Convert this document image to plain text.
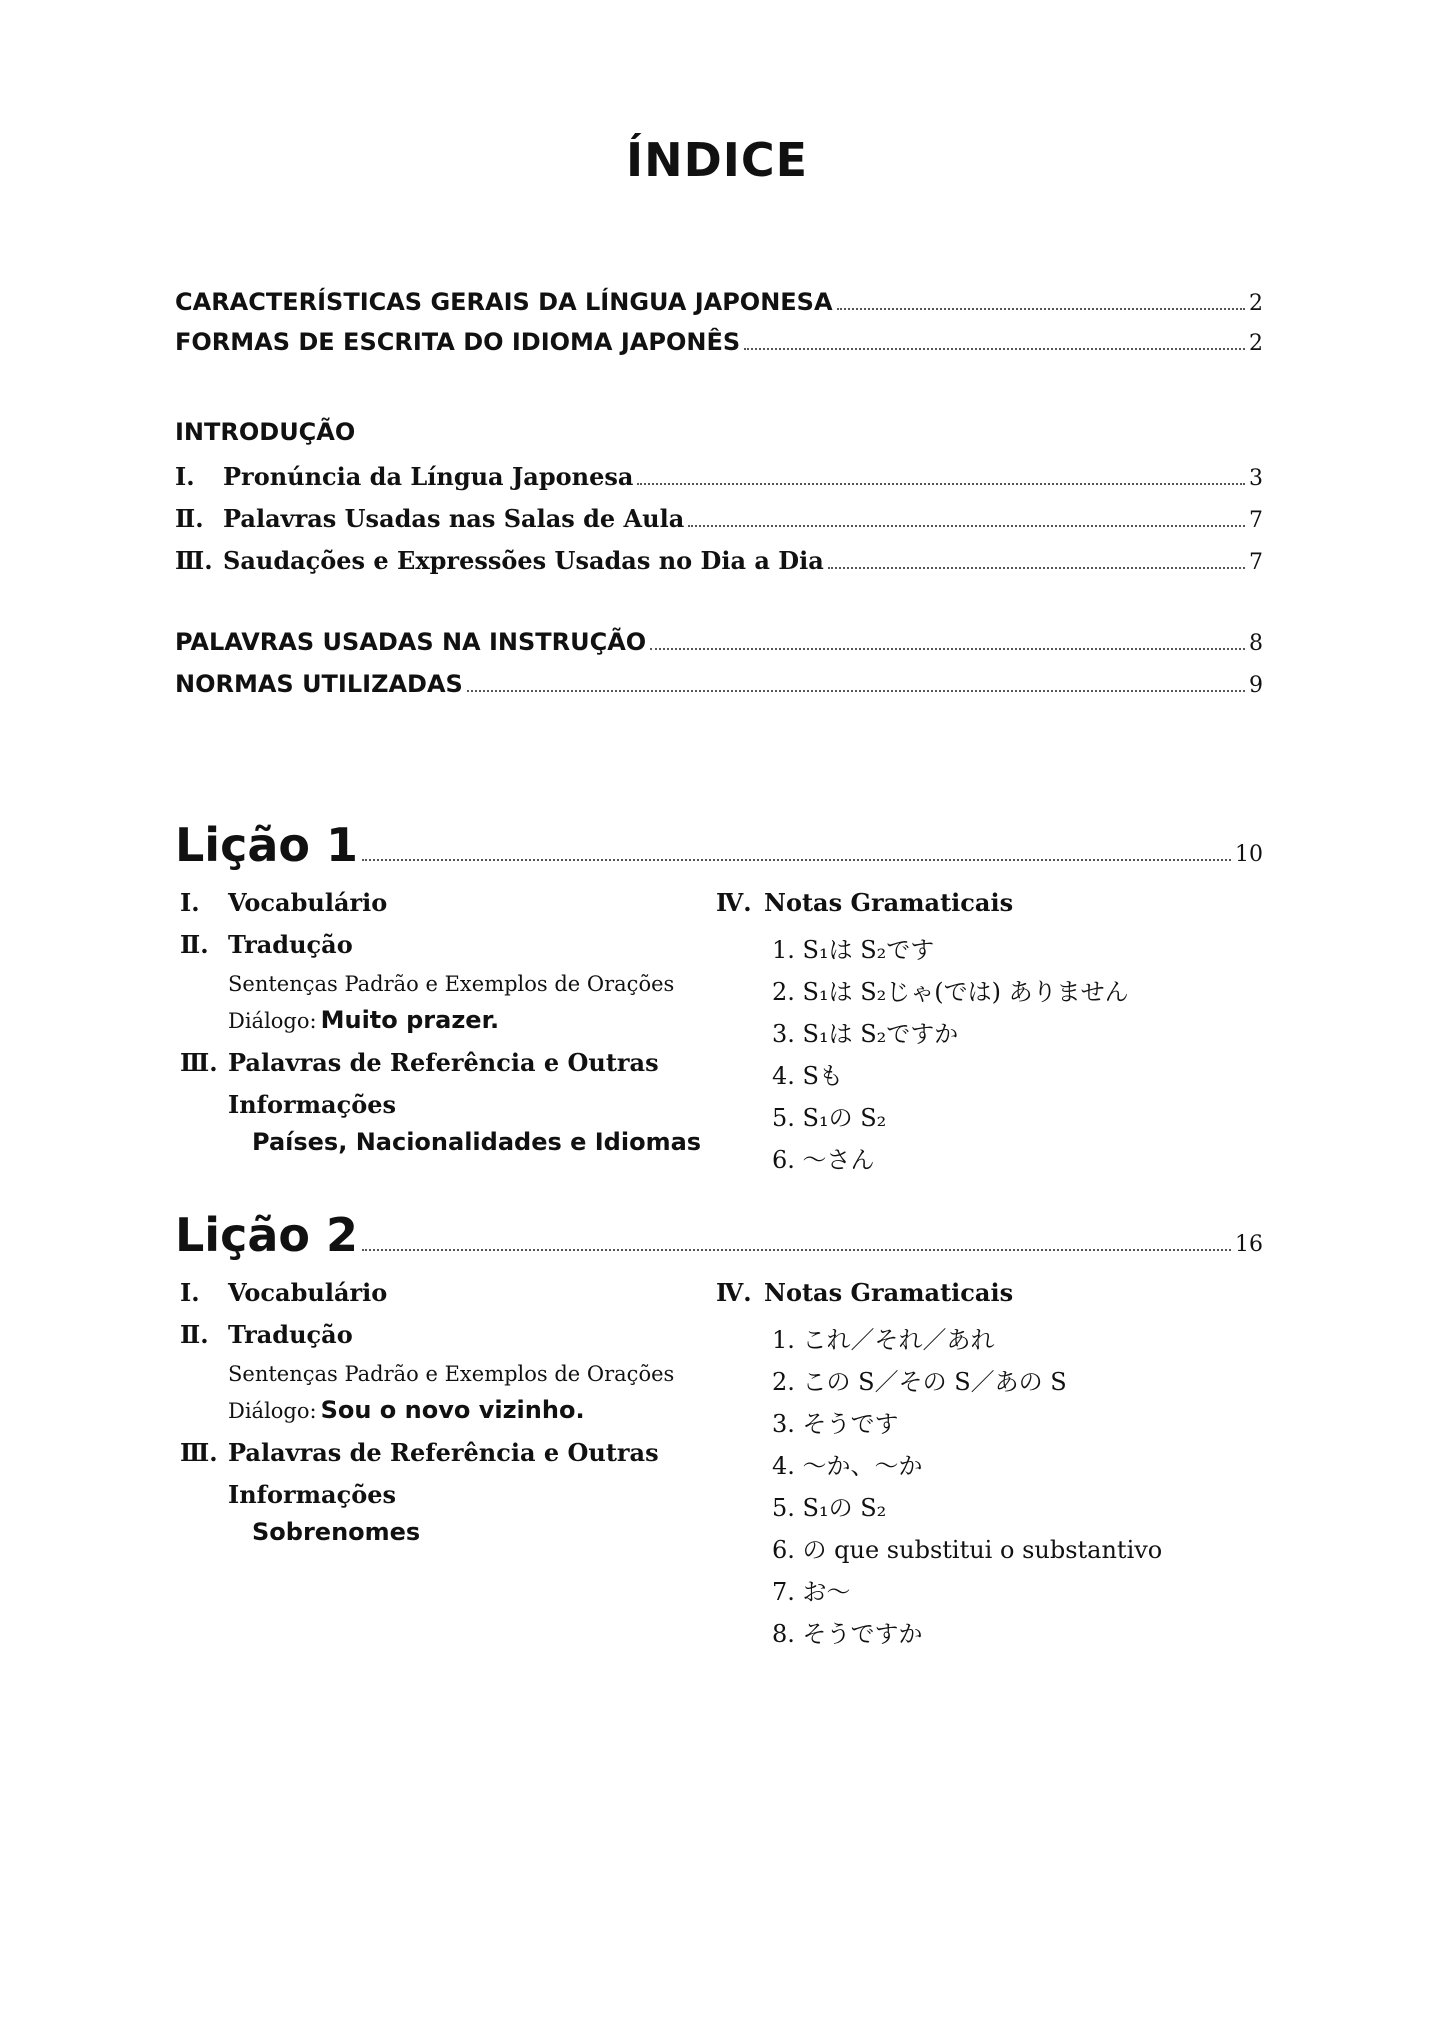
ÍNDICE
CARACTERÍSTICAS GERAIS DA LÍNGUA JAPONESA	2
FORMAS DE ESCRITA DO IDIOMA JAPONÊS	2
INTRODUÇÃO
Ⅰ. Pronúncia da Língua Japonesa	3
Ⅱ. Palavras Usadas nas Salas de Aula	7
Ⅲ. Saudações e Expressões Usadas no Dia a Dia	7
PALAVRAS USADAS NA INSTRUÇÃO	8
NORMAS UTILIZADAS	9
Lição 1	10
Ⅰ. Vocabulário
Ⅱ. Tradução
Sentenças Padrão e Exemplos de Orações
Diálogo: Muito prazer.
Ⅲ. Palavras de Referência e Outras
Informações
Países, Nacionalidades e Idiomas
Ⅳ. Notas Gramaticais
1. S₁は S₂です
2. S₁は S₂じゃ(では) ありません
3. S₁は S₂ですか
4. Sも
5. S₁の S₂
6. ～さん
Lição 2	16
Ⅰ. Vocabulário
Ⅱ. Tradução
Sentenças Padrão e Exemplos de Orações
Diálogo: Sou o novo vizinho.
Ⅲ. Palavras de Referência e Outras
Informações
Sobrenomes
Ⅳ. Notas Gramaticais
1. これ／それ／あれ
2. この S／その S／あの S
3. そうです
4. ～か、～か
5. S₁の S₂
6. の que substitui o substantivo
7. お～
8. そうですか
